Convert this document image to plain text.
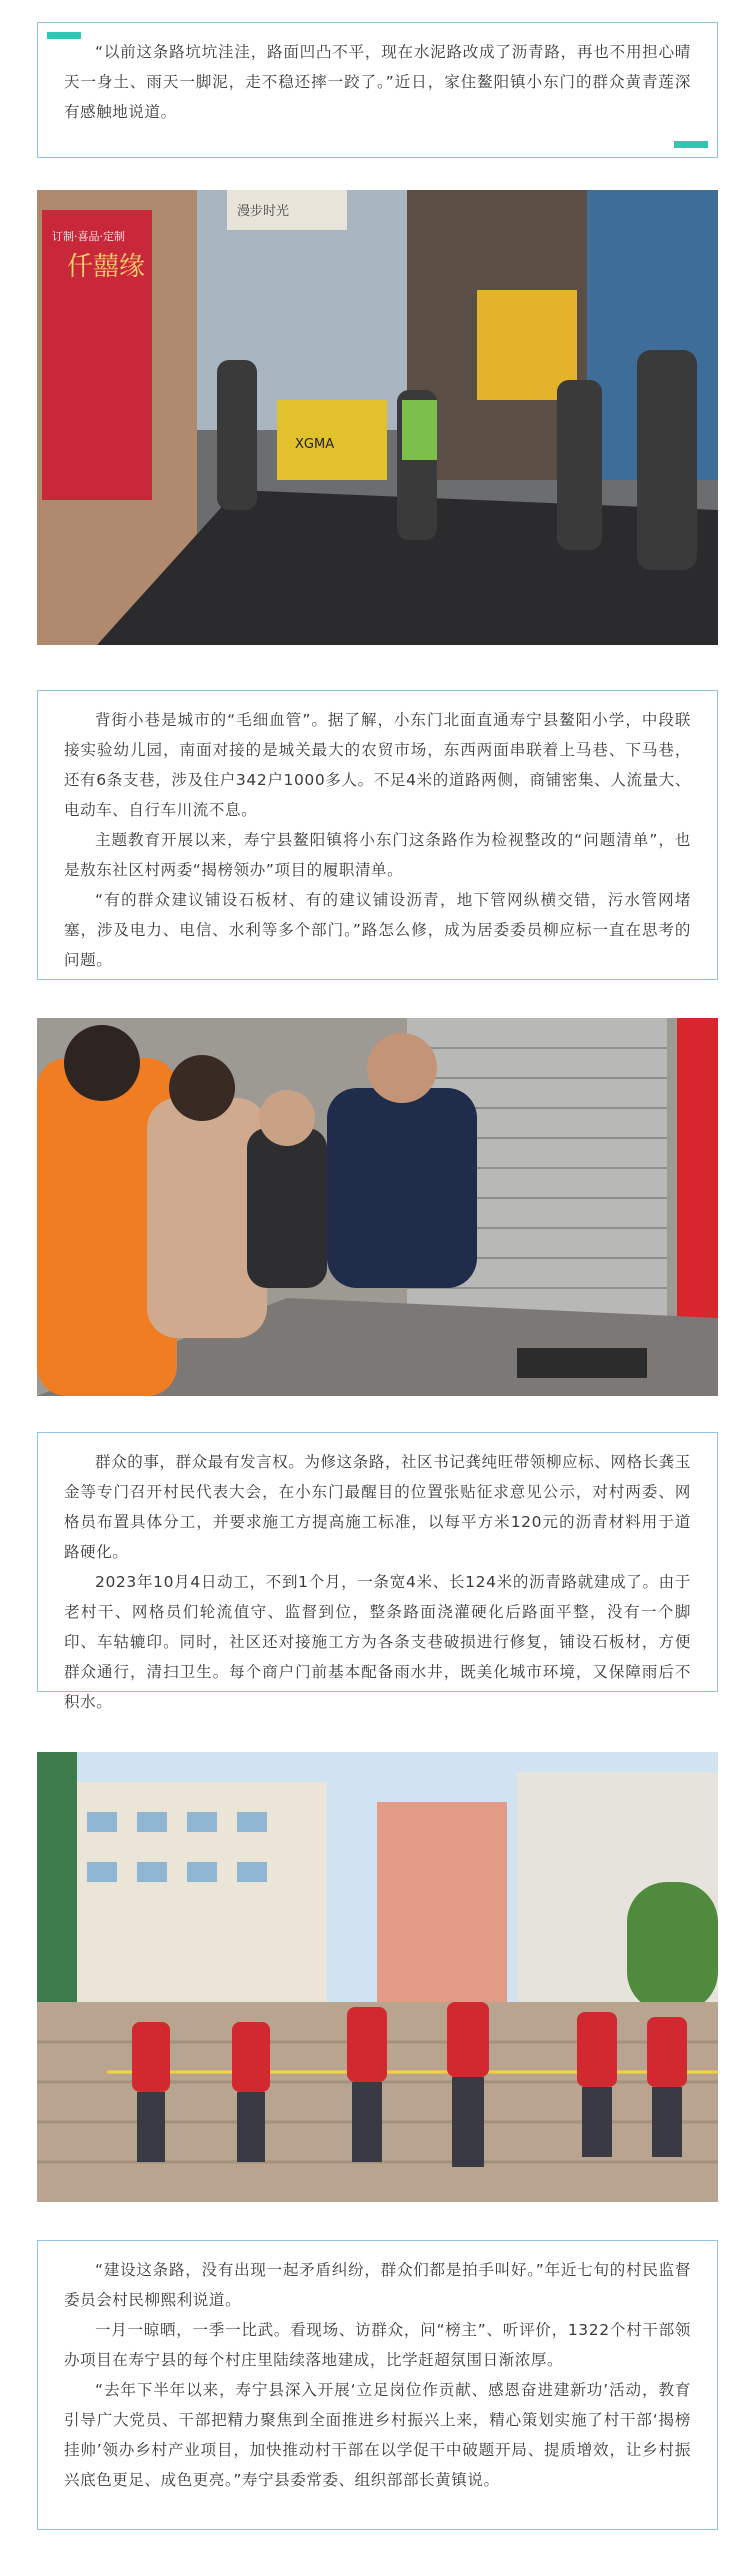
“以前这条路坑坑洼洼，路面凹凸不平，现在水泥路改成了沥青路，再也不用担心晴天一身土、雨天一脚泥，走不稳还摔一跤了。”近日，家住鳌阳镇小东门的群众黄青莲深有感触地说道。

仟囍缘
订制·喜品·定制
漫步时光
XGMA

背街小巷是城市的“毛细血管”。据了解，小东门北面直通寿宁县鳌阳小学，中段联接实验幼儿园，南面对接的是城关最大的农贸市场，东西两面串联着上马巷、下马巷，还有6条支巷，涉及住户342户1000多人。不足4米的道路两侧，商铺密集、人流量大、电动车、自行车川流不息。

主题教育开展以来，寿宁县鳌阳镇将小东门这条路作为检视整改的“问题清单”，也是敖东社区村两委“揭榜领办”项目的履职清单。

“有的群众建议铺设石板材、有的建议铺设沥青，地下管网纵横交错，污水管网堵塞，涉及电力、电信、水利等多个部门。”路怎么修，成为居委委员柳应标一直在思考的问题。

群众的事，群众最有发言权。为修这条路，社区书记龚纯旺带领柳应标、网格长龚玉金等专门召开村民代表大会，在小东门最醒目的位置张贴征求意见公示，对村两委、网格员布置具体分工，并要求施工方提高施工标准，以每平方米120元的沥青材料用于道路硬化。

2023年10月4日动工，不到1个月，一条宽4米、长124米的沥青路就建成了。由于老村干、网格员们轮流值守、监督到位，整条路面浇灌硬化后路面平整，没有一个脚印、车轱辘印。同时，社区还对接施工方为各条支巷破损进行修复，铺设石板材，方便群众通行，清扫卫生。每个商户门前基本配备雨水井，既美化城市环境，又保障雨后不积水。

“建设这条路，没有出现一起矛盾纠纷，群众们都是拍手叫好。”年近七旬的村民监督委员会村民柳熙利说道。

一月一晾晒，一季一比武。看现场、访群众，问“榜主”、听评价，1322个村干部领办项目在寿宁县的每个村庄里陆续落地建成，比学赶超氛围日渐浓厚。

“去年下半年以来，寿宁县深入开展‘立足岗位作贡献、感恩奋进建新功’活动，教育引导广大党员、干部把精力聚焦到全面推进乡村振兴上来，精心策划实施了村干部‘揭榜挂帅’领办乡村产业项目，加快推动村干部在以学促干中破题开局、提质增效，让乡村振兴底色更足、成色更亮。”寿宁县委常委、组织部部长黄镇说。
